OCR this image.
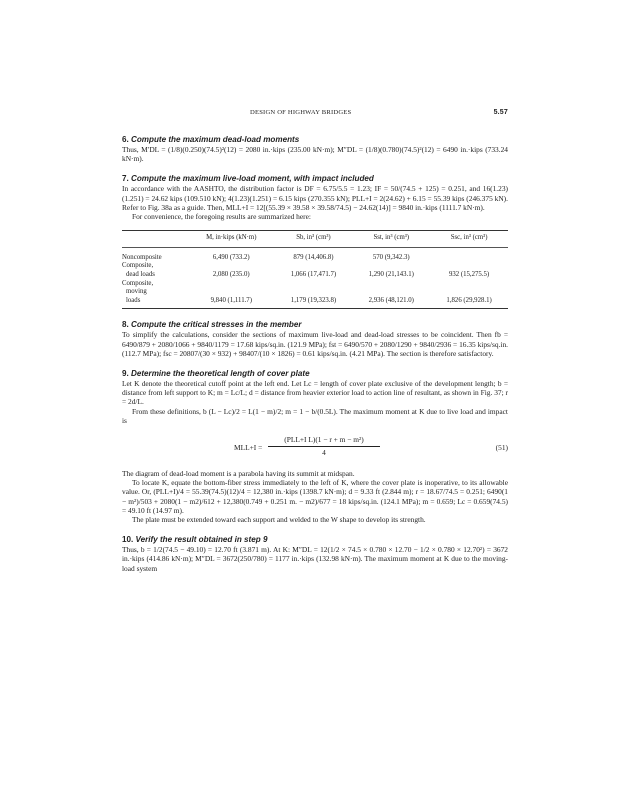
DESIGN OF HIGHWAY BRIDGES	5.57
6. Compute the maximum dead-load moments

Thus, M′DL = (1/8)(0.250)(74.5)²(12) = 2080 in.·kips (235.00 kN·m); M″DL = (1/8)(0.780)(74.5)²(12) = 6490 in.·kips (733.24 kN·m).

7. Compute the maximum live-load moment, with impact included

In accordance with the AASHTO, the distribution factor is DF = 6.75/5.5 = 1.23; IF = 50/(74.5 + 125) = 0.251, and 16(1.23)(1.251) = 24.62 kips (109.510 kN); 4(1.23)(1.251) = 6.15 kips (270.355 kN); PLL+I = 2(24.62) + 6.15 = 55.39 kips (246.375 kN). Refer to Fig. 38a as a guide. Then, MLL+I = 12[(55.39 × 39.58 × 39.58/74.5) − 24.62(14)] = 9840 in.·kips (1111.7 kN·m).

For convenience, the foregoing results are summarized here:

	M, in·kips (kN·m)	Sb, in³ (cm³)	Sst, in³ (cm³)	Ssc, in³ (cm³)
Noncomposite	6,490 (733.2)	879 (14,406.8)	570 (9,342.3)	
Composite,				
dead loads	2,080 (235.0)	1,066 (17,471.7)	1,290 (21,143.1)	932 (15,275.5)
Composite,				
moving				
loads	9,840 (1,111.7)	1,179 (19,323.8)	2,936 (48,121.0)	1,826 (29,928.1)
8. Compute the critical stresses in the member

To simplify the calculations, consider the sections of maximum live-load and dead-load stresses to be coincident. Then fb = 6490/879 + 2080/1066 + 9840/1179 = 17.68 kips/sq.in. (121.9 MPa); fst = 6490/570 + 2080/1290 + 9840/2936 = 16.35 kips/sq.in. (112.7 MPa); fsc = 20807/(30 × 932) + 98407/(10 × 1826) = 0.61 kips/sq.in. (4.21 MPa). The section is therefore satisfactory.

9. Determine the theoretical length of cover plate

Let K denote the theoretical cutoff point at the left end. Let Lc = length of cover plate exclusive of the development length; b = distance from left support to K; m = Lc/L; d = distance from heavier exterior load to action line of resultant, as shown in Fig. 37; r = 2d/L.

From these definitions, b (L − Lc)/2 = L(1 − m)/2; m = 1 − b/(0.5L). The maximum moment at K due to live load and impact is

MLL+I =
(PLL+I L)(1 − r + m − m²)
4
(51)

The diagram of dead-load moment is a parabola having its summit at midspan.

To locate K, equate the bottom-fiber stress immediately to the left of K, where the cover plate is inoperative, to its allowable value. Or, (PLL+I)/4 = 55.39(74.5)(12)/4 = 12,380 in.·kips (1398.7 kN·m); d = 9.33 ft (2.844 m); r = 18.67/74.5 = 0.251; 6490(1 − m²)/503 + 2080(1 − m2)/612 + 12,380(0.749 + 0.251 m. − m2)/677 = 18 kips/sq.in. (124.1 MPa); m = 0.659; Lc = 0.659(74.5) = 49.10 ft (14.97 m).

The plate must be extended toward each support and welded to the W shape to develop its strength.

10. Verify the result obtained in step 9

Thus, b = 1/2(74.5 − 49.10) = 12.70 ft (3.871 m). At K: M″DL = 12(1/2 × 74.5 × 0.780 × 12.70 − 1/2 × 0.780 × 12.70²) = 3672 in.·kips (414.86 kN·m); M″DL = 3672(250/780) = 1177 in.·kips (132.98 kN·m). The maximum moment at K due to the moving-load system
